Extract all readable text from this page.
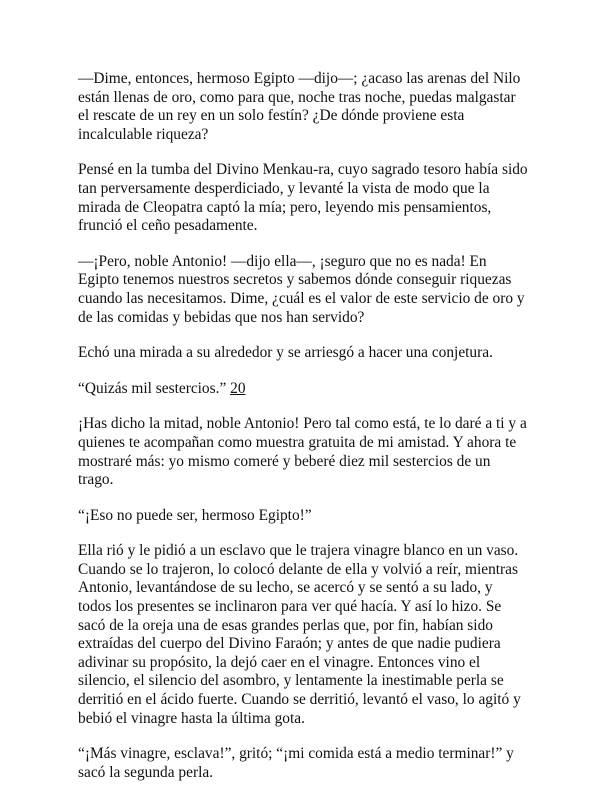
—Dime, entonces, hermoso Egipto —dijo—; ¿acaso las arenas del Nilo están llenas de oro, como para que, noche tras noche, puedas malgastar el rescate de un rey en un solo festín? ¿De dónde proviene esta incalculable riqueza?

Pensé en la tumba del Divino Menkau-ra, cuyo sagrado tesoro había sido tan perversamente desperdiciado, y levanté la vista de modo que la mirada de Cleopatra captó la mía; pero, leyendo mis pensamientos, frunció el ceño pesadamente.

—¡Pero, noble Antonio! —dijo ella—, ¡seguro que no es nada! En Egipto tenemos nuestros secretos y sabemos dónde conseguir riquezas cuando las necesitamos. Dime, ¿cuál es el valor de este servicio de oro y de las comidas y bebidas que nos han servido?

Echó una mirada a su alrededor y se arriesgó a hacer una conjetura.

“Quizás mil sestercios.” 20

¡Has dicho la mitad, noble Antonio! Pero tal como está, te lo daré a ti y a quienes te acompañan como muestra gratuita de mi amistad. Y ahora te mostraré más: yo mismo comeré y beberé diez mil sestercios de un trago.

“¡Eso no puede ser, hermoso Egipto!”

Ella rió y le pidió a un esclavo que le trajera vinagre blanco en un vaso. Cuando se lo trajeron, lo colocó delante de ella y volvió a reír, mientras Antonio, levantándose de su lecho, se acercó y se sentó a su lado, y todos los presentes se inclinaron para ver qué hacía. Y así lo hizo. Se sacó de la oreja una de esas grandes perlas que, por fin, habían sido extraídas del cuerpo del Divino Faraón; y antes de que nadie pudiera adivinar su propósito, la dejó caer en el vinagre. Entonces vino el silencio, el silencio del asombro, y lentamente la inestimable perla se derritió en el ácido fuerte. Cuando se derritió, levantó el vaso, lo agitó y bebió el vinagre hasta la última gota.

“¡Más vinagre, esclava!”, gritó; “¡mi comida está a medio terminar!” y sacó la segunda perla.
